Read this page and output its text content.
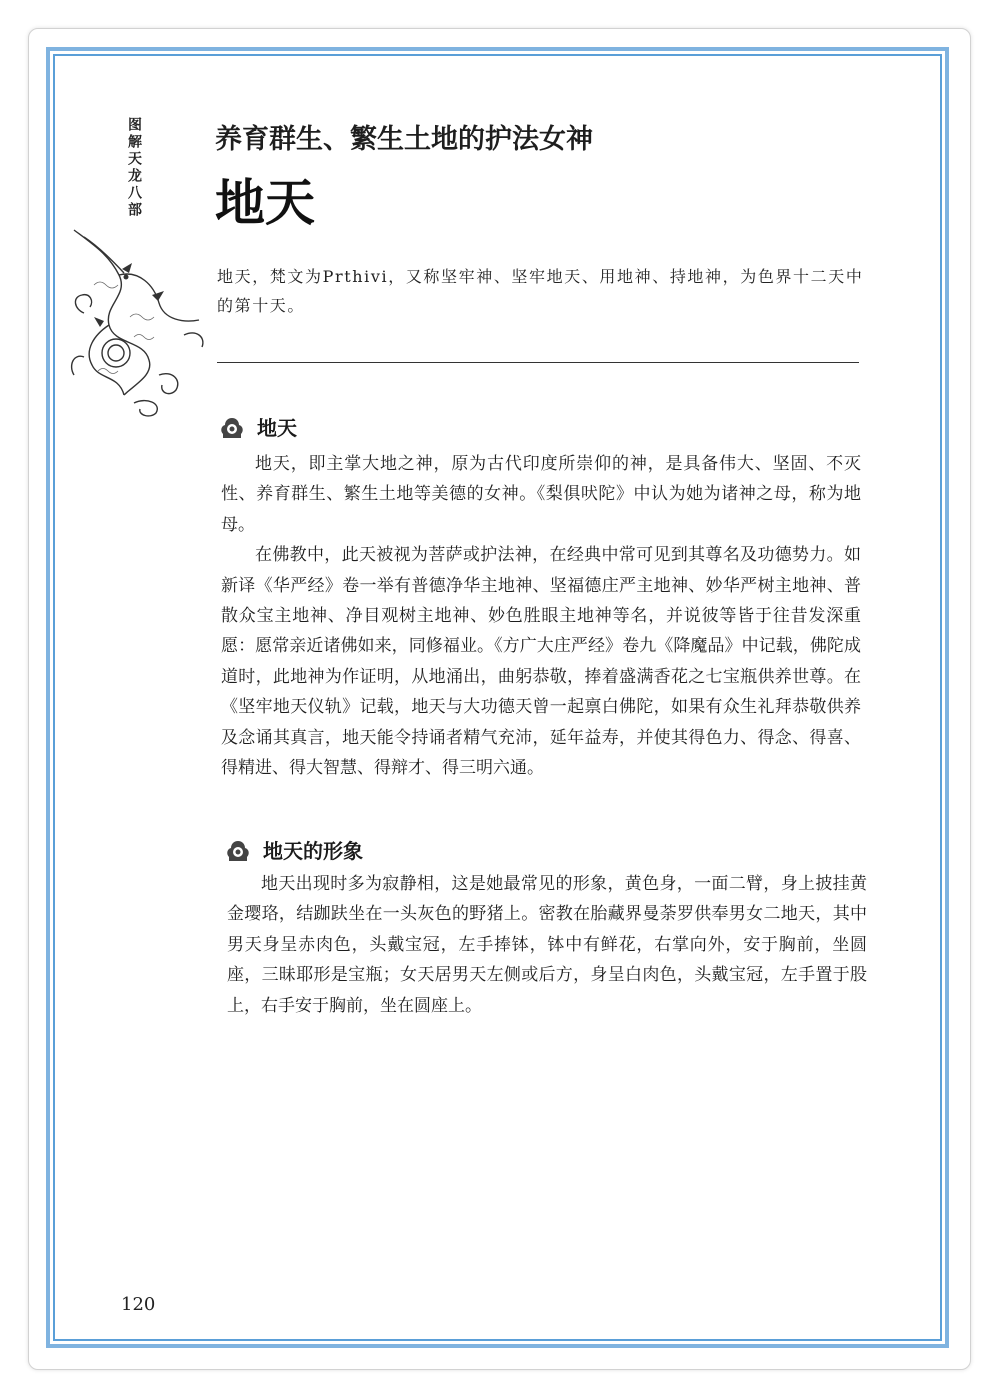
图解天龙八部	养育群生、繁生土地的护法女神
地天
地天，梵文为Prthivi，又称坚牢神、坚牢地天、用地神、持地神，为色界十二天中的第十天。
地天

地天，即主掌大地之神，原为古代印度所崇仰的神，是具备伟大、坚固、不灭性、养育群生、繁生土地等美德的女神。《梨俱吠陀》中认为她为诸神之母，称为地母。

在佛教中，此天被视为菩萨或护法神，在经典中常可见到其尊名及功德势力。如新译《华严经》卷一举有普德净华主地神、坚福德庄严主地神、妙华严树主地神、普散众宝主地神、净目观树主地神、妙色胜眼主地神等名，并说彼等皆于往昔发深重愿：愿常亲近诸佛如来，同修福业。《方广大庄严经》卷九《降魔品》中记载，佛陀成道时，此地神为作证明，从地涌出，曲躬恭敬，捧着盛满香花之七宝瓶供养世尊。在《坚牢地天仪轨》记载，地天与大功德天曾一起禀白佛陀，如果有众生礼拜恭敬供养及念诵其真言，地天能令持诵者精气充沛，延年益寿，并使其得色力、得念、得喜、得精进、得大智慧、得辩才、得三明六通。

地天的形象

地天出现时多为寂静相，这是她最常见的形象，黄色身，一面二臂，身上披挂黄金璎珞，结跏趺坐在一头灰色的野猪上。密教在胎藏界曼荼罗供奉男女二地天，其中男天身呈赤肉色，头戴宝冠，左手捧钵，钵中有鲜花，右掌向外，安于胸前，坐圆座，三昧耶形是宝瓶；女天居男天左侧或后方，身呈白肉色，头戴宝冠，左手置于股上，右手安于胸前，坐在圆座上。

120
